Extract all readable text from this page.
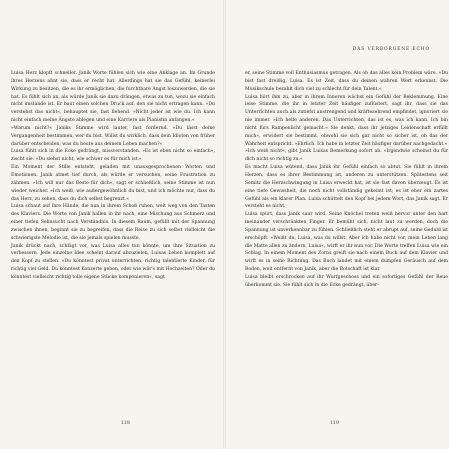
Luisa Herz klopft schneller. Janik Worte fühlen sich wie eine Anklage an. Im Grunde ihres Herzens ahnt sie, dass er recht hat. Allerdings hat sie das Gefühl, keinerlei Wirkung zu besitzen, die es ihr ermöglichen, die furchtbare Angst loszuwerden, die sie hat. Es fühlt sich an, als würde Janik sie dazu drängen, etwas zu tun, wozu sie einfach nicht imstande ist. Er baut einen solchen Druck auf, den sie nicht ertragen kann. »Du verstehst das nicht«, behauptet sie, fast flehend. »Nicht jeder ist wie du. Ich kann nicht einfach meine Ängste ablegen und eine Karriere als Pianistin anfangen.«

»Warum nicht?« Janiks Stimme wird lauter, fast fordernd. »Du lässt deine Vergangenheit bestimmen, wer du bist. Willst du wirklich, dass dein Idioten von früher darüber entscheiden, was du heute aus deinem Leben machen?«

Luisa fühlt sich in die Ecke gedrängt, missverstanden. »Es ist eben nicht so einfach«, zischt sie. »Du siehst nicht, wie schwer es für mich ist.«

Ein Moment der Stille entsteht, geladen mit unausgesprochenen Worten und Emotionen. Janik atmet tief durch, als würde er versuchen, seine Frustration zu zähmen. »Ich will nur das Beste für dich«, sagt er schließlich, seine Stimme ist nun wieder weicher. »Ich weiß, wie außergewöhnlich du bist, und ich möchte nur, dass du das Herz, zu sehen, dass du dich selbst begrenzt.«

Luisa schaut auf ihre Hände, die nun in ihrem Schoß ruhen, weit weg von den Tasten des Klaviers. Die Worte von Janik hallen in ihr nach, eine Mischung aus Schmerz und einer tiefen Sehnsucht nach Verständnis. In diesem Raum, gefüllt mit der Spannung zwischen ihnen, beginnt sie zu begreifen, dass die Reise zu sich selbst vielleicht die schwierigste Melodie ist, die sie jemals spielen musste.

Janik drückt nach, schlägt vor, was Luisa alles tun könnte, um ihre Situation zu verbessern. Jede einzelne Idee scheint darauf abzuzielen, Luisas Leben komplett auf den Kopf zu stellen. »Du könntest privat unterrichten, richtig talentierte Kinder, für richtig viel Geld. Du könntest Konzerte geben, oder wie wär's mit Hochzeiten? Oder du könntest vielleicht richtig tolle eigene Stücke komponieren«, sagt

118
DAS VERBORGENE ECHO

er, seine Stimme voll Enthusiasmus getragen. Als ob das alles kein Problem wäre. »Du bist fast dreißig, Luisa. Es ist Zeit, dass du deinen wahren Wert erkennst. Die Musikschule bezahlt dich viel zu schlecht für dein Talent.«

Luisa hört ihm zu, aber in ihrem Inneren wächst ein Gefühl der Beklemmung. Eine leise Stimme, die ihr in letzter Zeit häufiger zuflüstert, sagt ihr, dass sie das Unterrichten auch als zutiefst anstrengend und kräftezehrend empfindet, ignoriert sie nie immer. »Ich helfe anderen. Das Unterrichten, das ist es, was ich kann. Ich bin nicht fürs Rampenlicht gemacht.« Sie denkt, dass ihr jetziges Leidenschaft erfüllt mich«, erwidert sie bestimmt, obwohl sie sich gar nicht so sicher ist, ob das der Wahrheit entspricht. »Ehrlich. Ich habe in letzter Zeit häufiger darüber nachgedacht.«

»Ich weiß nicht«, gibt Janik Luisas Bemerkung sofort ab. »Irgendwie scheinst du für dich nicht so richtig zu.«

Es macht Luisa wütend, dass Janik ihr Gefühl einfach so abtut. Sie fühlt in ihrem Herzen, dass es ihrer Bestimmung ist, anderen zu unterstützen. Spätestens seit Semitz die Herzschwingung in Luisa erweckt hat, ist sie fast davon überzeugt. Es ist eine tiefe Gewissheit, die noch nicht vollständig gekeimt ist; es ist eher ein zartes Gefühl als ein klarer Plan. Luisa schüttelt den Kopf bei jedem Wort, das Janik sagt. Er versteht es nicht.

Luisa spürt, dass Janik saur wird. Seine Knöchel treten weiß hervor unter den hart ineinander verschränkten Finger. Er bemüht sich, nicht laut zu werden, doch die Spannung ist unverkennbar zu fühlen. Schließlich steht er abrupt auf, seine Geduld ist erschöpft. »Weißt du, Luisa, was du willst. Aber ich habe nicht vor, mein Leben lang die Matte allen zu ändern, Luisa«, wirft er ihr nun vor. Die Worte treffen Luisa wie ein Schlag. In einem Moment des Zorns greift sie nach einem Buch auf dem Klavier und wirft es in seine Richtung. Das Buch landet mit einem dumpfen Geräusch auf dem Boden, weit entfernt von Janik, aber die Botschaft ist klar.

Luisa bleibt erschrocken auf ihr Wurfgeschoss und ein sofortiges Gefühl der Reue überkommt sie. Sie fühlt sich in die Ecke gedrängt, über-

119
